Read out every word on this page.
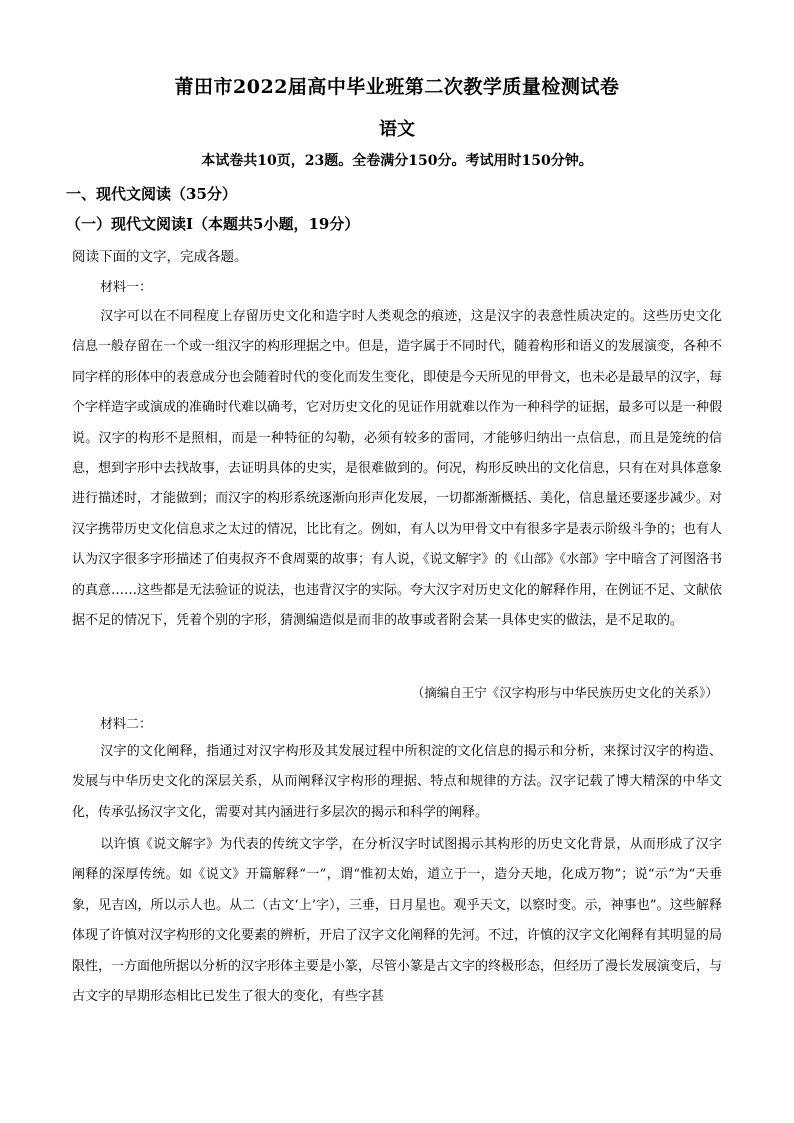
莆田市2022届高中毕业班第二次教学质量检测试卷
语文
本试卷共10页，23题。全卷满分150分。考试用时150分钟。
一、现代文阅读（35分）
（一）现代文阅读Ⅰ（本题共5小题，19分）
阅读下面的文字，完成各题。
材料一：

汉字可以在不同程度上存留历史文化和造字时人类观念的痕迹，这是汉字的表意性质决定的。这些历史文化信息一般存留在一个或一组汉字的构形理据之中。但是，造字属于不同时代，随着构形和语义的发展演变，各种不同字样的形体中的表意成分也会随着时代的变化而发生变化，即使是今天所见的甲骨文，也未必是最早的汉字，每个字样造字或演成的准确时代难以确考，它对历史文化的见证作用就难以作为一种科学的证据，最多可以是一种假说。汉字的构形不是照相，而是一种特征的勾勒，必须有较多的雷同，才能够归纳出一点信息，而且是笼统的信息，想到字形中去找故事，去证明具体的史实，是很难做到的。何况，构形反映出的文化信息，只有在对具体意象进行描述时，才能做到；而汉字的构形系统逐渐向形声化发展，一切都渐渐概括、美化，信息量还要逐步减少。对汉字携带历史文化信息求之太过的情况，比比有之。例如，有人以为甲骨文中有很多字是表示阶级斗争的；也有人认为汉字很多字形描述了伯夷叔齐不食周粟的故事；有人说，《说文解字》的《山部》《水部》字中暗含了河图洛书的真意……这些都是无法验证的说法，也违背汉字的实际。夸大汉字对历史文化的解释作用，在例证不足、文献依据不足的情况下，凭着个别的字形，猜测编造似是而非的故事或者附会某一具体史实的做法，是不足取的。

（摘编自王宁《汉字构形与中华民族历史文化的关系》）
材料二：

汉字的文化阐释，指通过对汉字构形及其发展过程中所积淀的文化信息的揭示和分析，来探讨汉字的构造、发展与中华历史文化的深层关系，从而阐释汉字构形的理据、特点和规律的方法。汉字记载了博大精深的中华文化，传承弘扬汉字文化，需要对其内涵进行多层次的揭示和科学的阐释。

以许慎《说文解字》为代表的传统文字学，在分析汉字时试图揭示其构形的历史文化背景，从而形成了汉字阐释的深厚传统。如《说文》开篇解释“一”，谓“惟初太始，道立于一，造分天地，化成万物”；说“示”为“天垂象，见吉凶，所以示人也。从二（古文‘上’字），三垂，日月星也。观乎天文，以察时变。示，神事也”。这些解释体现了许慎对汉字构形的文化要素的辨析，开启了汉字文化阐释的先河。不过，许慎的汉字文化阐释有其明显的局限性，一方面他所据以分析的汉字形体主要是小篆，尽管小篆是古文字的终极形态，但经历了漫长发展演变后，与古文字的早期形态相比已发生了很大的变化，有些字甚
